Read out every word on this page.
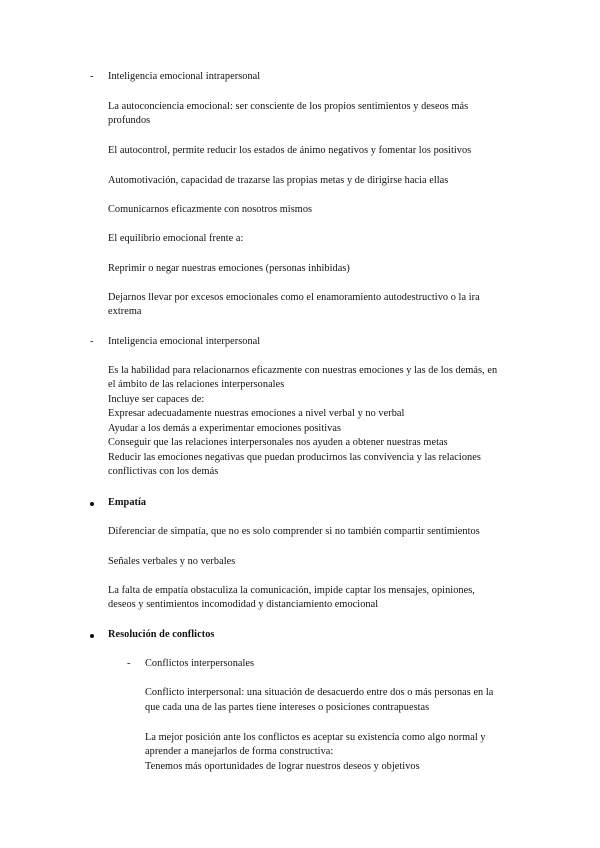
- Inteligencia emocional intrapersonal
La autoconciencia emocional: ser consciente de los propios sentimientos y deseos más
profundos
El autocontrol, permite reducir los estados de ánimo negativos y fomentar los positivos
Automotivación, capacidad de trazarse las propias metas y de dirigirse hacia ellas
Comunicarnos eficazmente con nosotros mismos
El equilibrio emocional frente a:
Reprimir o negar nuestras emociones (personas inhibidas)
Dejarnos llevar por excesos emocionales como el enamoramiento autodestructivo o la ira
extrema
- Inteligencia emocional interpersonal
Es la habilidad para relacionarnos eficazmente con nuestras emociones y las de los demás, en
el ámbito de las relaciones interpersonales
Incluye ser capaces de:
Expresar adecuadamente nuestras emociones a nivel verbal y no verbal
Ayudar a los demás a experimentar emociones positivas
Conseguir que las relaciones interpersonales nos ayuden a obtener nuestras metas
Reducir las emociones negativas que puedan producirnos las convivencia y las relaciones
conflictivas con los demás
Empatía
Diferenciar de simpatía, que no es solo comprender si no también compartir sentimientos
Señales verbales y no verbales
La falta de empatía obstaculiza la comunicación, impide captar los mensajes, opiniones,
deseos y sentimientos incomodidad y distanciamiento emocional
Resolución de conflictos
- Conflictos interpersonales
Conflicto interpersonal: una situación de desacuerdo entre dos o más personas en la
que cada una de las partes tiene intereses o posiciones contrapuestas
La mejor posición ante los conflictos es aceptar su existencia como algo normal y
aprender a manejarlos de forma constructiva:
Tenemos más oportunidades de lograr nuestros deseos y objetivos
